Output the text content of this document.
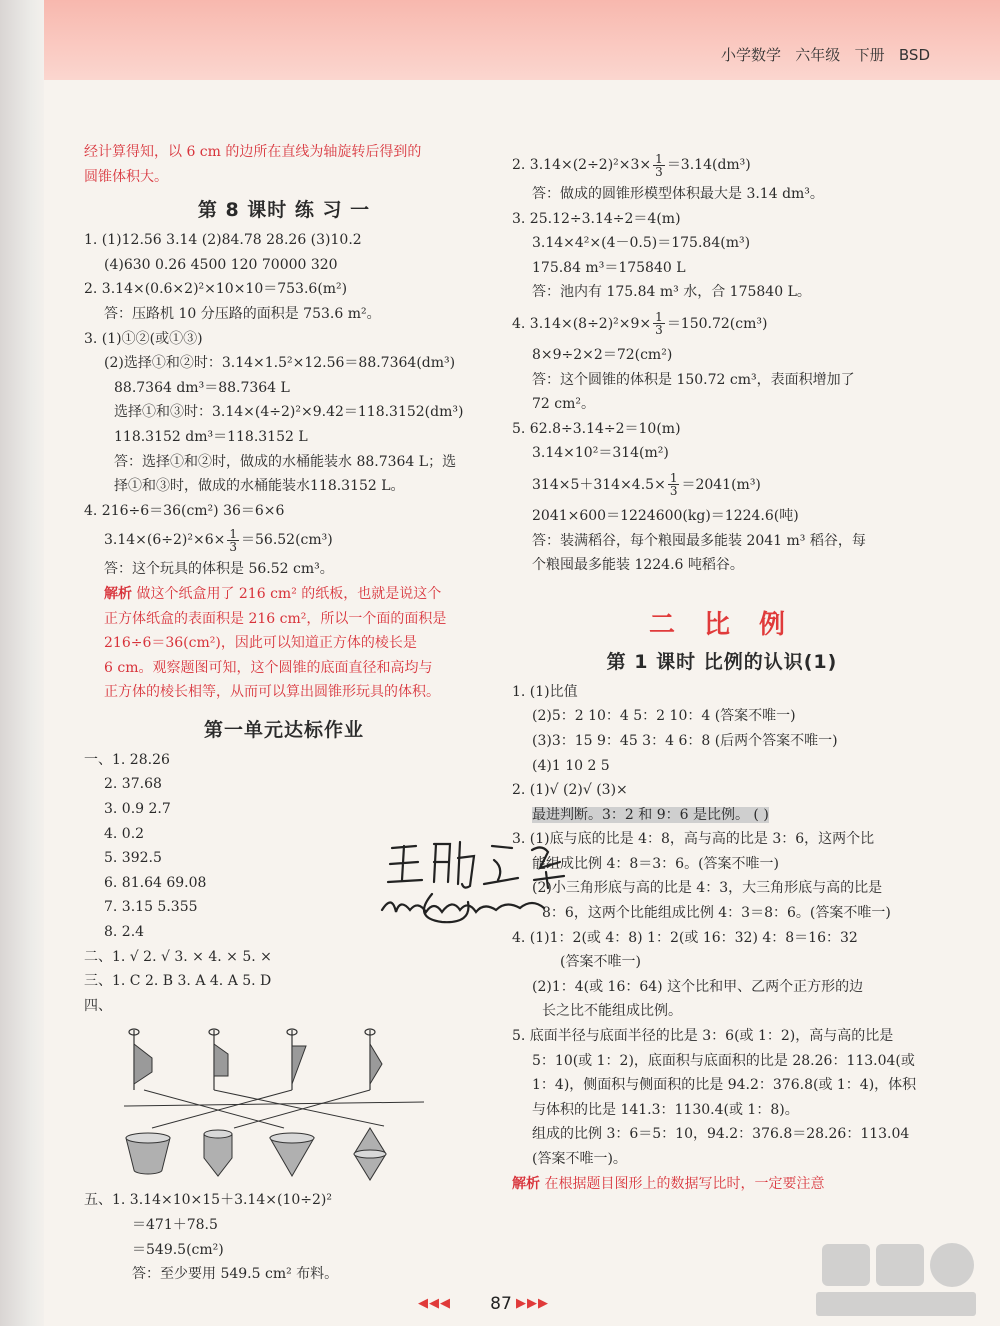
小学数学   六年级   下册   BSD
经计算得知，以 6 cm 的边所在直线为轴旋转后得到的
圆锥体积大。
第 8 课时 练 习 一
1. (1)12.56 3.14 (2)84.78 28.26 (3)10.2
(4)630 0.26 4500 120 70000 320
2. 3.14×(0.6×2)²×10×10＝753.6(m²)
答：压路机 10 分压路的面积是 753.6 m²。
3. (1)①②(或①③)
(2)选择①和②时：3.14×1.5²×12.56＝88.7364(dm³)
88.7364 dm³＝88.7364 L
选择①和③时：3.14×(4÷2)²×9.42＝118.3152(dm³)
118.3152 dm³＝118.3152 L
答：选择①和②时，做成的水桶能装水 88.7364 L；选
择①和③时，做成的水桶能装水118.3152 L。
4. 216÷6＝36(cm²) 36＝6×6
$3.14\times(6\div 2)^2\times 6\times \frac{1}{3} =56.52(cm^3)$
答：这个玩具的体积是 56.52 cm³。
解析 做这个纸盒用了 216 cm² 的纸板，也就是说这个
正方体纸盒的表面积是 216 cm²，所以一个面的面积是
216÷6＝36(cm²)，因此可以知道正方体的棱长是
6 cm。观察题图可知，这个圆锥的底面直径和高均与
正方体的棱长相等，从而可以算出圆锥形玩具的体积。
第一单元达标作业
一、1. 28.26
2. 37.68
3. 0.9 2.7
4. 0.2
5. 392.5
6. 81.64 69.08
7. 3.15 5.355
8. 2.4
二、1. √ 2. √ 3. × 4. × 5. ×
三、1. C 2. B 3. A 4. A 5. D
四、
五、1. 3.14×10×15＋3.14×(10÷2)²
＝471＋78.5
＝549.5(cm²)
答：至少要用 549.5 cm² 布料。
2. $3.14\times(2\div 2)^2\times 3\times \frac{1}{3} =3.14(dm^3)$
答：做成的圆锥形模型体积最大是 3.14 dm³。
3. 25.12÷3.14÷2＝4(m)
3.14×4²×(4－0.5)＝175.84(m³)
175.84 m³＝175840 L
答：池内有 175.84 m³ 水，合 175840 L。
4. $3.14\times(8\div 2)^2\times 9\times \frac{1}{3} =150.72(cm^3)$
8×9÷2×2＝72(cm²)
答：这个圆锥的体积是 150.72 cm³，表面积增加了
72 cm²。
5. 62.8÷3.14÷2＝10(m)
3.14×10²＝314(m²)
$314\times 5+314\times 4.5\times \frac{1}{3} =2041(m^3)$
2041×600＝1224600(kg)＝1224.6(吨)
答：装满稻谷，每个粮囤最多能装 2041 m³ 稻谷，每
个粮囤最多能装 1224.6 吨稻谷。
二 比 例
第 1 课时 比例的认识(1)
1. (1)比值
(2)5：2 10：4 5：2 10：4 (答案不唯一)
(3)3：15 9：45 3：4 6：8 (后两个答案不唯一)
(4)1 10 2 5
2. (1)√ (2)√ (3)×
最进判断。3：2 和 9：6 是比例。 ( )
3. (1)底与底的比是 4：8，高与高的比是 3：6，这两个比
能组成比例 4：8＝3：6。(答案不唯一)
(2)小三角形底与高的比是 4：3，大三角形底与高的比是
8：6，这两个比能组成比例 4：3＝8：6。(答案不唯一)
4. (1)1：2(或 4：8) 1：2(或 16：32) 4：8＝16：32
(答案不唯一)
(2)1：4(或 16：64) 这个比和甲、乙两个正方形的边
长之比不能组成比例。
5. 底面半径与底面半径的比是 3：6(或 1：2)，高与高的比是
5：10(或 1：2)，底面积与底面积的比是 28.26：113.04(或
1：4)，侧面积与侧面积的比是 94.2：376.8(或 1：4)，体积
与体积的比是 141.3：1130.4(或 1：8)。
组成的比例 3：6＝5：10，94.2：376.8＝28.26：113.04
(答案不唯一)。
解析 在根据题目图形上的数据写比时，一定要注意
◀◀◀	87 ▶▶▶
